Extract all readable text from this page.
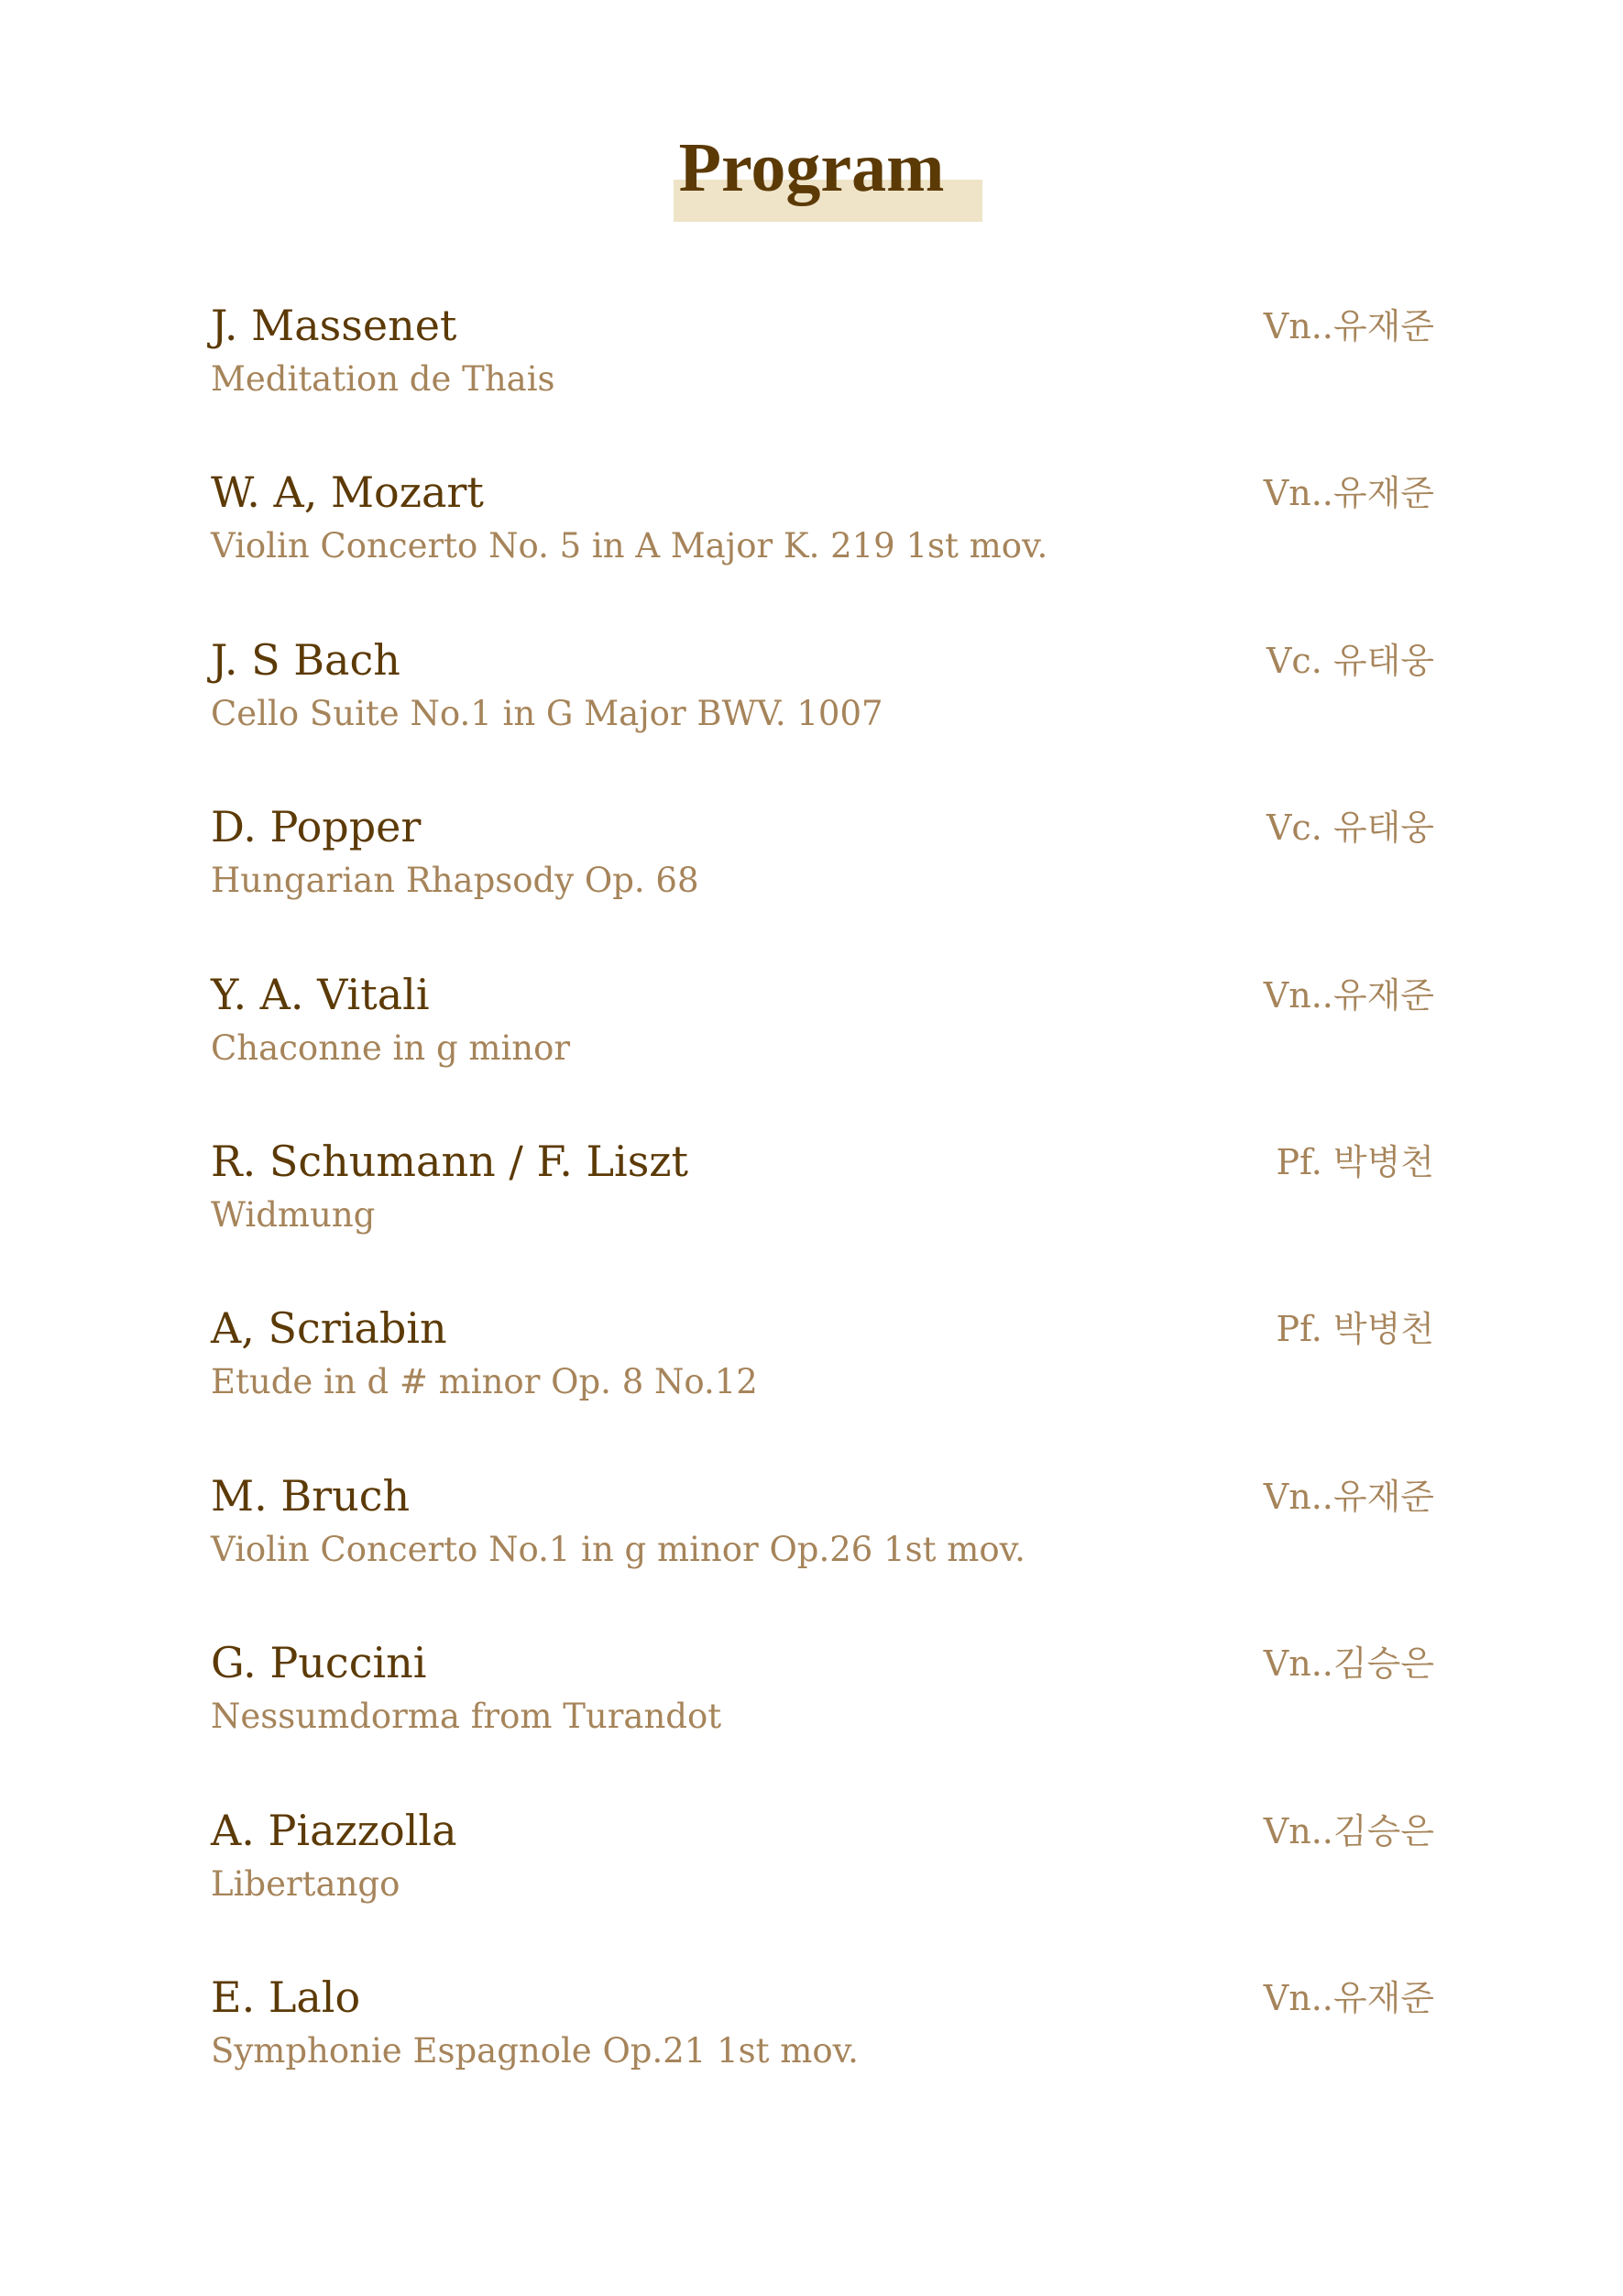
Program
J. Massenet
Meditation de Thais
Vn..유재준
W. A, Mozart
Violin Concerto No. 5 in A Major K. 219 1st mov.
Vn..유재준
J. S Bach
Cello Suite No.1 in G Major BWV. 1007
Vc. 유태웅
D. Popper
Hungarian Rhapsody Op. 68
Vc. 유태웅
Y. A. Vitali
Chaconne in g minor
Vn..유재준
R. Schumann / F. Liszt
Widmung
Pf. 박병천
A, Scriabin
Etude in d # minor Op. 8 No.12
Pf. 박병천
M. Bruch
Violin Concerto No.1 in g minor Op.26 1st mov.
Vn..유재준
G. Puccini
Nessumdorma from Turandot
Vn..김승은
A. Piazzolla
Libertango
Vn..김승은
E. Lalo
Symphonie Espagnole Op.21 1st mov.
Vn..유재준
